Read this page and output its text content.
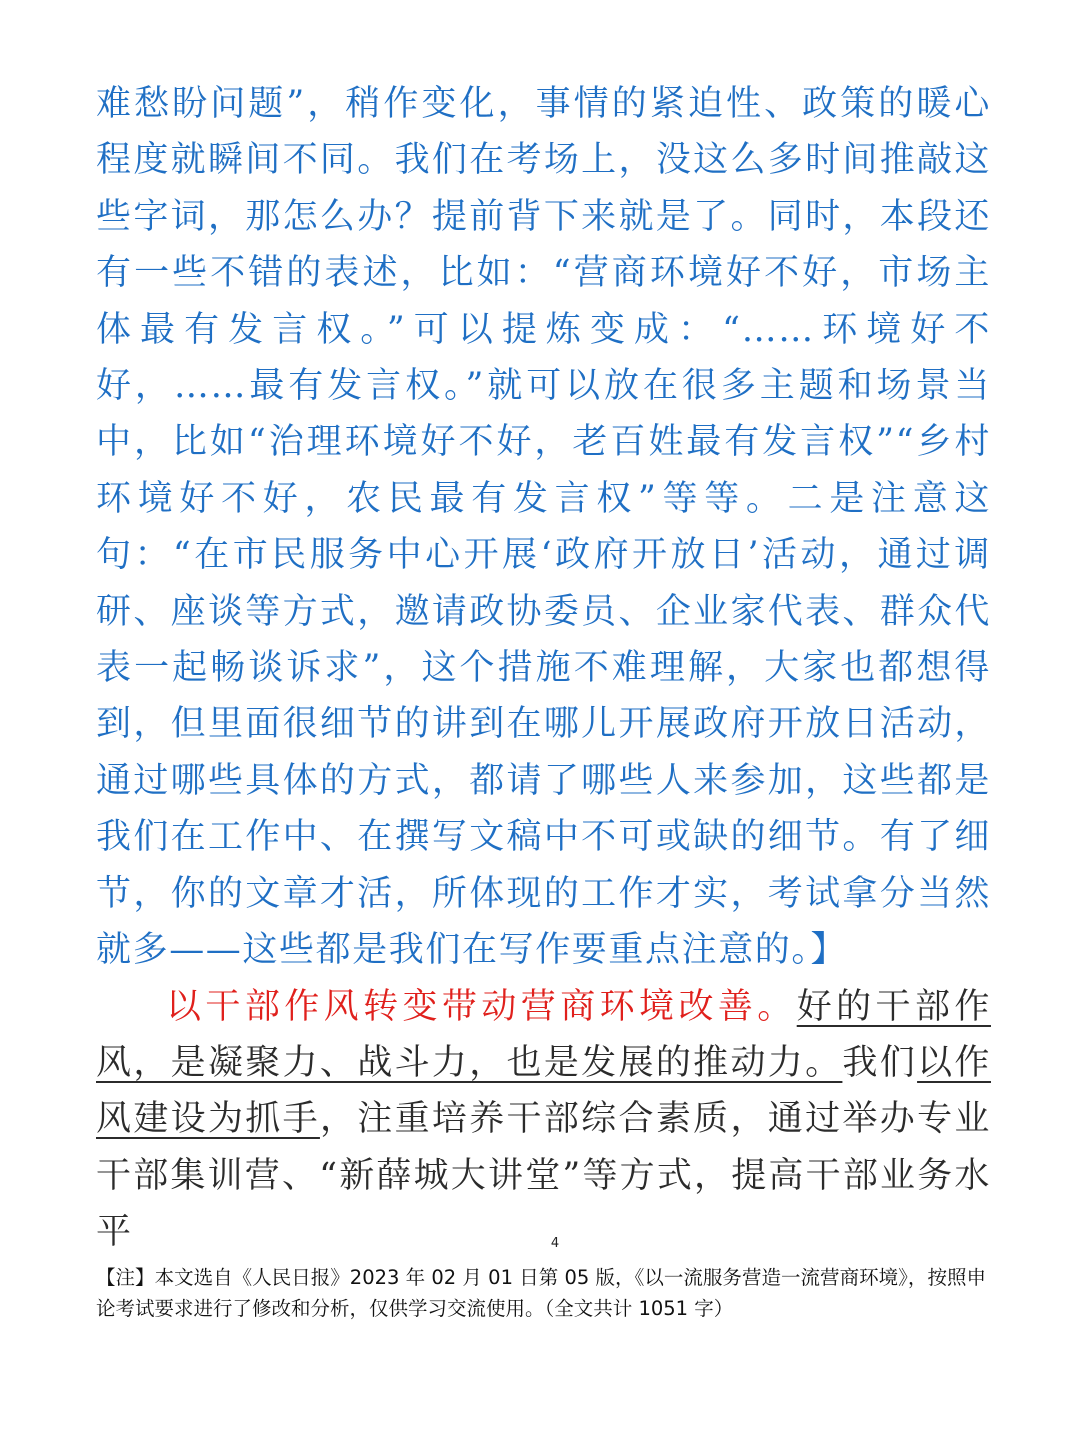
难愁盼问题”，稍作变化，事情的紧迫性、政策的暖心程度就瞬间不同。我们在考场上，没这么多时间推敲这些字词，那怎么办？提前背下来就是了。同时，本段还有一些不错的表述，比如：“营商环境好不好，市场主体最有发言权。”可以提炼变成：“……环境好不好，……最有发言权。”就可以放在很多主题和场景当中，比如“治理环境好不好，老百姓最有发言权”“乡村环境好不好，农民最有发言权”等等。二是注意这句：“在市民服务中心开展‘政府开放日’活动，通过调研、座谈等方式，邀请政协委员、企业家代表、群众代表一起畅谈诉求”，这个措施不难理解，大家也都想得到，但里面很细节的讲到在哪儿开展政府开放日活动，通过哪些具体的方式，都请了哪些人来参加，这些都是我们在工作中、在撰写文稿中不可或缺的细节。有了细节，你的文章才活，所体现的工作才实，考试拿分当然就多——这些都是我们在写作要重点注意的。】

以干部作风转变带动营商环境改善。好的干部作风，是凝聚力、战斗力，也是发展的推动力。我们以作风建设为抓手，注重培养干部综合素质，通过举办专业干部集训营、“新薛城大讲堂”等方式，提高干部业务水平	4
【注】本文选自《人民日报》2023 年 02 月 01 日第 05 版，《以一流服务营造一流营商环境》，按照申论考试要求进行了修改和分析，仅供学习交流使用。（全文共计 1051 字）
